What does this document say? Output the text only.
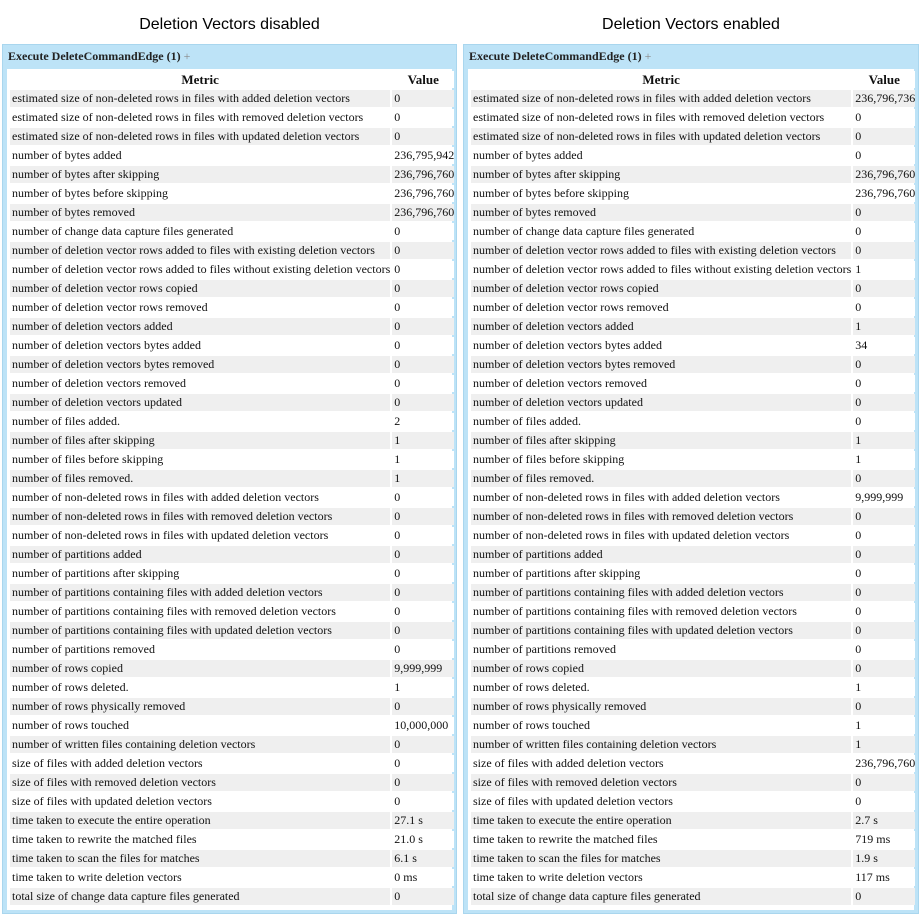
Deletion Vectors disabled	Deletion Vectors enabled
Execute DeleteCommandEdge (1) +
Metric	Value
estimated size of non-deleted rows in files with added deletion vectors	0
estimated size of non-deleted rows in files with removed deletion vectors	0
estimated size of non-deleted rows in files with updated deletion vectors	0
number of bytes added	236,795,942
number of bytes after skipping	236,796,760
number of bytes before skipping	236,796,760
number of bytes removed	236,796,760
number of change data capture files generated	0
number of deletion vector rows added to files with existing deletion vectors	0
number of deletion vector rows added to files without existing deletion vectors	0
number of deletion vector rows copied	0
number of deletion vector rows removed	0
number of deletion vectors added	0
number of deletion vectors bytes added	0
number of deletion vectors bytes removed	0
number of deletion vectors removed	0
number of deletion vectors updated	0
number of files added.	2
number of files after skipping	1
number of files before skipping	1
number of files removed.	1
number of non-deleted rows in files with added deletion vectors	0
number of non-deleted rows in files with removed deletion vectors	0
number of non-deleted rows in files with updated deletion vectors	0
number of partitions added	0
number of partitions after skipping	0
number of partitions containing files with added deletion vectors	0
number of partitions containing files with removed deletion vectors	0
number of partitions containing files with updated deletion vectors	0
number of partitions removed	0
number of rows copied	9,999,999
number of rows deleted.	1
number of rows physically removed	0
number of rows touched	10,000,000
number of written files containing deletion vectors	0
size of files with added deletion vectors	0
size of files with removed deletion vectors	0
size of files with updated deletion vectors	0
time taken to execute the entire operation	27.1 s
time taken to rewrite the matched files	21.0 s
time taken to scan the files for matches	6.1 s
time taken to write deletion vectors	0 ms
total size of change data capture files generated	0
Execute DeleteCommandEdge (1) +
Metric	Value
estimated size of non-deleted rows in files with added deletion vectors	236,796,736
estimated size of non-deleted rows in files with removed deletion vectors	0
estimated size of non-deleted rows in files with updated deletion vectors	0
number of bytes added	0
number of bytes after skipping	236,796,760
number of bytes before skipping	236,796,760
number of bytes removed	0
number of change data capture files generated	0
number of deletion vector rows added to files with existing deletion vectors	0
number of deletion vector rows added to files without existing deletion vectors	1
number of deletion vector rows copied	0
number of deletion vector rows removed	0
number of deletion vectors added	1
number of deletion vectors bytes added	34
number of deletion vectors bytes removed	0
number of deletion vectors removed	0
number of deletion vectors updated	0
number of files added.	0
number of files after skipping	1
number of files before skipping	1
number of files removed.	0
number of non-deleted rows in files with added deletion vectors	9,999,999
number of non-deleted rows in files with removed deletion vectors	0
number of non-deleted rows in files with updated deletion vectors	0
number of partitions added	0
number of partitions after skipping	0
number of partitions containing files with added deletion vectors	0
number of partitions containing files with removed deletion vectors	0
number of partitions containing files with updated deletion vectors	0
number of partitions removed	0
number of rows copied	0
number of rows deleted.	1
number of rows physically removed	0
number of rows touched	1
number of written files containing deletion vectors	1
size of files with added deletion vectors	236,796,760
size of files with removed deletion vectors	0
size of files with updated deletion vectors	0
time taken to execute the entire operation	2.7 s
time taken to rewrite the matched files	719 ms
time taken to scan the files for matches	1.9 s
time taken to write deletion vectors	117 ms
total size of change data capture files generated	0
